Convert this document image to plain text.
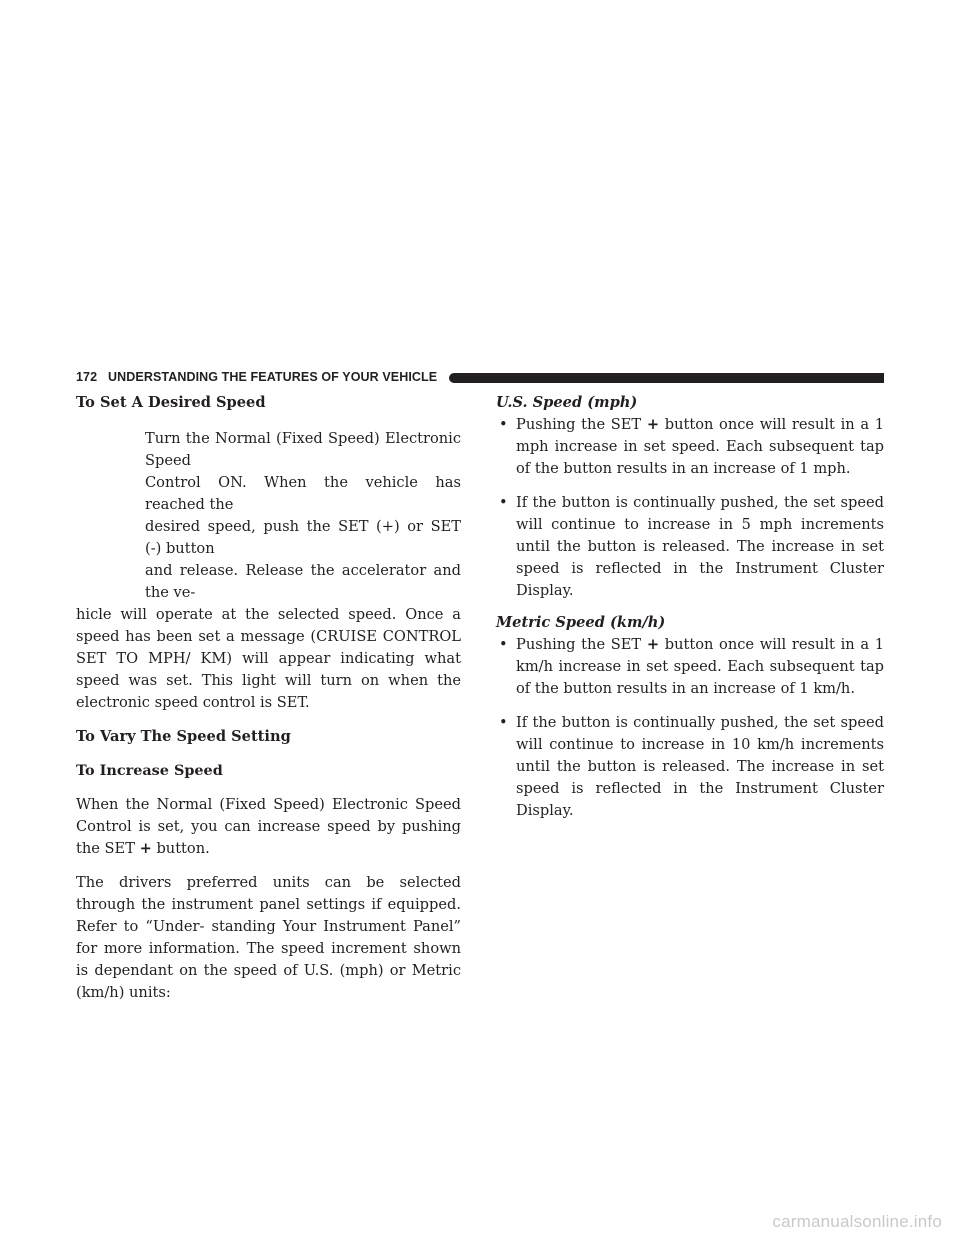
172 UNDERSTANDING THE FEATURES OF YOUR VEHICLE
To Set A Desired Speed

Turn the Normal (Fixed Speed) Electronic Speed
Control ON. When the vehicle has reached the
desired speed, push the SET (+) or SET (-) button
and release. Release the accelerator and the ve-
hicle will operate at the selected speed. Once a speed has been set a message (CRUISE CONTROL SET TO MPH/ KM) will appear indicating what speed was set. This light will turn on when the electronic speed control is SET.

To Vary The Speed Setting
To Increase Speed

When the Normal (Fixed Speed) Electronic Speed Control is set, you can increase speed by pushing the SET + button.

The drivers preferred units can be selected through the instrument panel settings if equipped. Refer to “Under- standing Your Instrument Panel” for more information. The speed increment shown is dependant on the speed of U.S. (mph) or Metric (km/h) units:

U.S. Speed (mph)
• Pushing the SET + button once will result in a 1 mph increase in set speed. Each subsequent tap of the button results in an increase of 1 mph.
• If the button is continually pushed, the set speed will continue to increase in 5 mph increments until the button is released. The increase in set speed is reflected in the Instrument Cluster Display.
Metric Speed (km/h)
• Pushing the SET + button once will result in a 1 km/h increase in set speed. Each subsequent tap of the button results in an increase of 1 km/h.
• If the button is continually pushed, the set speed will continue to increase in 10 km/h increments until the button is released. The increase in set speed is reflected in the Instrument Cluster Display.
carmanualsonline.info
